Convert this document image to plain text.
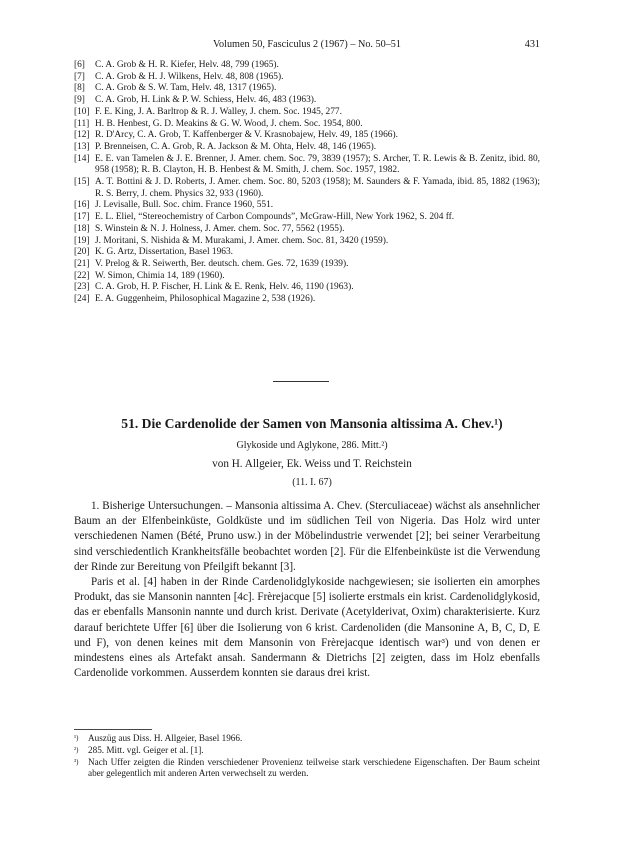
Volumen 50, Fasciculus 2 (1967) – No. 50–51	431
[6]	C. A. Grob & H. R. Kiefer, Helv. 48, 799 (1965).
[7]	C. A. Grob & H. J. Wilkens, Helv. 48, 808 (1965).
[8]	C. A. Grob & S. W. Tam, Helv. 48, 1317 (1965).
[9]	C. A. Grob, H. Link & P. W. Schiess, Helv. 46, 483 (1963).
[10] F. E. King, J. A. Barltrop & R. J. Walley, J. chem. Soc. 1945, 277.
[11] H. B. Henbest, G. D. Meakins & G. W. Wood, J. chem. Soc. 1954, 800.
[12] R. D'Arcy, C. A. Grob, T. Kaffenberger & V. Krasnobajew, Helv. 49, 185 (1966).
[13] P. Brenneisen, C. A. Grob, R. A. Jackson & M. Ohta, Helv. 48, 146 (1965).
[14] E. E. van Tamelen & J. E. Brenner, J. Amer. chem. Soc. 79, 3839 (1957); S. Archer, T. R. Lewis & B. Zenitz, ibid. 80, 958 (1958); R. B. Clayton, H. B. Henbest & M. Smith, J. chem. Soc. 1957, 1982.
[15] A. T. Bottini & J. D. Roberts, J. Amer. chem. Soc. 80, 5203 (1958); M. Saunders & F. Yamada, ibid. 85, 1882 (1963); R. S. Berry, J. chem. Physics 32, 933 (1960).
[16] J. Levisalle, Bull. Soc. chim. France 1960, 551.
[17] E. L. Eliel, “Stereochemistry of Carbon Compounds”, McGraw-Hill, New York 1962, S. 204 ff.
[18] S. Winstein & N. J. Holness, J. Amer. chem. Soc. 77, 5562 (1955).
[19] J. Moritani, S. Nishida & M. Murakami, J. Amer. chem. Soc. 81, 3420 (1959).
[20] K. G. Artz, Dissertation, Basel 1963.
[21] V. Prelog & R. Seiwerth, Ber. deutsch. chem. Ges. 72, 1639 (1939).
[22] W. Simon, Chimia 14, 189 (1960).
[23] C. A. Grob, H. P. Fischer, H. Link & E. Renk, Helv. 46, 1190 (1963).
[24] E. A. Guggenheim, Philosophical Magazine 2, 538 (1926).
51. Die Cardenolide der Samen von Mansonia altissima A. Chev.¹)
Glykoside und Aglykone, 286. Mitt.²)
von H. Allgeier, Ek. Weiss und T. Reichstein
(11. I. 67)

1. Bisherige Untersuchungen. – Mansonia altissima A. Chev. (Sterculiaceae) wächst als ansehnlicher Baum an der Elfenbeinküste, Goldküste und im südlichen Teil von Nigeria. Das Holz wird unter verschiedenen Namen (Bété, Pruno usw.) in der Möbelindustrie verwendet [2]; bei seiner Verarbeitung sind verschiedentlich Krankheitsfälle beobachtet worden [2]. Für die Elfenbeinküste ist die Verwendung der Rinde zur Bereitung von Pfeilgift bekannt [3].

Paris et al. [4] haben in der Rinde Cardenolidglykoside nachgewiesen; sie isolierten ein amorphes Produkt, das sie Mansonin nannten [4c]. Frèrejacque [5] isolierte erstmals ein krist. Cardenolidglykosid, das er ebenfalls Mansonin nannte und durch krist. Derivate (Acetylderivat, Oxim) charakterisierte. Kurz darauf berichtete Uffer [6] über die Isolierung von 6 krist. Cardenoliden (die Mansonine A, B, C, D, E und F), von denen keines mit dem Mansonin von Frèrejacque identisch war³) und von denen er mindestens eines als Artefakt ansah. Sandermann & Dietrichs [2] zeigten, dass im Holz ebenfalls Cardenolide vorkommen. Ausserdem konnten sie daraus drei krist.

¹)	Auszüg aus Diss. H. Allgeier, Basel 1966.
²)	285. Mitt. vgl. Geiger et al. [1].
³)	Nach Uffer zeigten die Rinden verschiedener Provenienz teilweise stark verschiedene Eigenschaften. Der Baum scheint aber gelegentlich mit anderen Arten verwechselt zu werden.
